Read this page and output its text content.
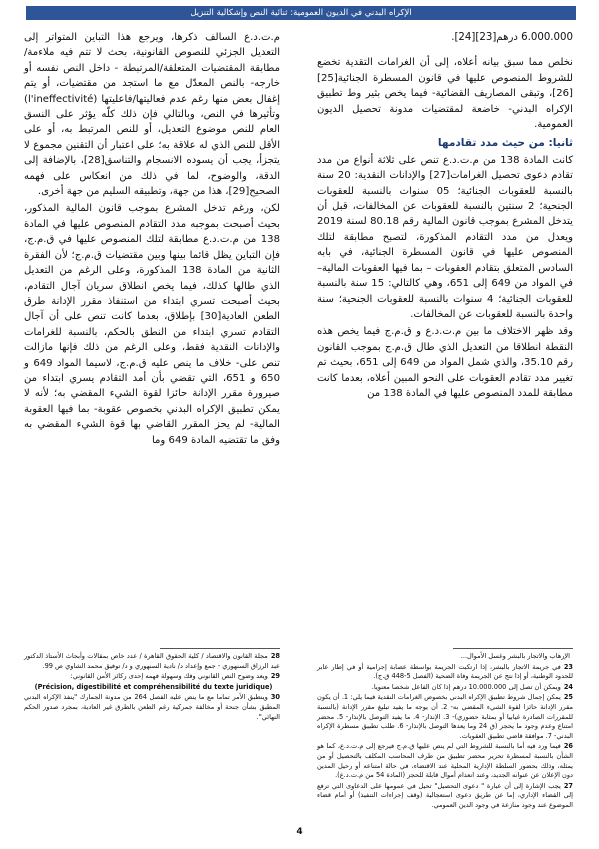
الإكراه البدني في الديون العمومية: ثنائية النص وإشكالية التنزيل

6.000.000 درهم[23][24].

نخلص مما سبق بيانه أعلاه، إلى أن الغرامات التقدية تخضع للشروط المنصوص عليها في قانون المسطرة الجنائية[25][26]، وتبقى المصاريف القضائية- فيما يخص بثير وط تطبيق الإكراه البدني- خاضعة لمقتضيات مدونة تحصيل الديون العمومية.

ثانيا: من حيث مدد تقادمها

كانت المادة 138 من م.ت.د.ع تنص على ثلاثة أنواع من مدد تقادم دعوى تحصيل الغرامات[27] والإدانات النقدية: 20 سنة بالنسبة للعقوبات الجنائية؛ 05 سنوات بالنسبة للعقوبات الجنحية؛ 2 سنتين بالنسبة للعقوبات عن المخالفات، قبل أن يتدخل المشرع بموجب قانون المالية رقم 80.18 لسنة 2019 ويعدل من مدد التقادم المذكورة، لتصبح مطابقة لتلك المنصوص عليها في قانون المسطرة الجنائية، في بابه السادس المتعلق بتقادم العقوبات – بما فيها العقوبات المالية– في المواد من 649 إلى 651، وهي كالتالي: 15 سنة بالنسبة للعقوبات الجنائية؛ 4 سنوات بالنسبة للعقوبات الجنحية؛ سنة واحدة بالنسبة للعقوبات عن المخالفات.

وقد ظهر الاختلاف ما بين م.ت.د.ع و ق.م.ج فيما يخص هذه النقطة انطلاقا من التعديل الذي طال ق.م.ج بموجب القانون رقم 35.10، والذي شمل المواد من 649 إلى 651، بحيث تم تغيير مدد تقادم العقوبات على النحو المبين أعلاه، بعدما كانت مطابقة للمدد المنصوص عليها في المادة 138 من

م.ت.د.ع السالف ذكرها، ويرجع هذا التباين المتواتر إلى التعديل الجزئي للنصوص القانونية، بحث لا تتم فيه ملاءمة/مطابقة المقتضيات المتعلقة/المرتبطة - داخل النص نفسه أو خارجه- بالنص المعدّل مع ما استجد من مقتضيات، أو يتم إغفال بعض منها رغم عدم فعاليتها/فاعليتها (l'ineffectivité) وتأثيرها في النص، وبالتالي فإن ذلك كلّه يؤثر على النسق العام للنص موضوع التعديل، أو للنص المرتبط به، أو على الأقل للنص الذي له علاقة به؛ على اعتبار أن التقنين مجموع لا يتجزأ، يجب أن يسوده الانسجام والتناسق[28]، بالإضافة إلى الدقة، والوضوح، لما في ذلك من انعكاس على فهمه الصحيح[29]، هذا من جهة، وتطبيقه السليم من جهة أخرى.

لكن، ورغم تدخل المشرع بموجب قانون المالية المذكور، بحيث أصبحت بموجبه مدد التقادم المنصوص عليها في المادة 138 من م.ت.د.ع مطابقة لتلك المنصوص عليها في ق.م.ج، فإن التباين يظل قائما بينها وبين مقتضيات ق.م.ج؛ لأن الفقرة الثانية من المادة 138 المذكورة، وعلى الرغم من التعديل الذي طالها كذلك، فيما يخص انطلاق سريان آجال التقادم، بحيث أصبحت تسري ابتداء من استنفاذ مقرر الإدانة طرق الطعن العادية[30] بإطلاق، بعدما كانت تنص على أن آجال التقادم تسري ابتداء من النطق بالحكم، بالنسبة للغرامات والإدانات النقدية فقط، وعلى الرغم من ذلك فإنها مازالت تنص على- خلاف ما ينص عليه ق.م.ج، لاسيما المواد 649 و 650 و 651، التي تقضي بأن أمد التقادم يسري ابتداء من صيرورة مقرر الإدانة حائزا لقوة الشيء المقضي به؛ لأنه لا يمكن تطبيق الإكراه البدني بخصوص عقوبة- بما فيها العقوبة المالية- لم يحز المقرر القاضي بها قوة الشيء المقضي به وفق ما تقتضيه المادة 649 وما

الإرهاب والاتجار بالبشر وغسل الأموال...

23في جريمة الاتجار بالبشر، إذا ارتكبت الجريمة بواسطة عصابة إجرامية أو في إطار عابر للحدود الوطنية، أو إذا نتج عن الجريمة وفاة الضحية (الفصل 5-448 ق.ج).

24ويمكن أن تصل إلى 10.000.000 درهم إذا كان الفاعل شخصا معنويا.

25يمكن إجمال شروط تطبيق الإكراه البدني بخصوص الغرامات النقدية فيما يلي: 1. أن يكون مقرر الإدانة حائزا لقوة الشيء المقضي به- 2. أن يوجه ما يفيد تبليغ مقرر الإدانة (بالنسبة للمقررات الصادرة غيابيا أو بمثابة حضوري)- 3. الإنذار- 4. ما يفيد التوصل بالإنذار- 5. محضر امتناع وعدم وجود ما يحجز (ق 24 وما يعدها التوصل بالإنذار- 6. طلب تطبيق مسطرة الإكراه البدني- 7. موافقة قاضي تطبيق العقوبات.

26فيما ورد فيه أما بالنسبة للشروط التي لم ينص عليها ق.م.ج فيرجع إلى م.ت.د.ع، كما هو الشأن بالنسبة لمسطرة تحرير محضر تطبيق من طرف المحاسب المكلف بالتحصيل أو من يمثله، وذلك بحضور السلطة الإدارية المحلية عند الاقتضاء، في حالة امتناعه أو رحيل المدين دون الإعلان عن عنوانه الجديد، وعند انعدام أموال قابلة للحجز (المادة 54 من م.ت.د.ع).

27يجب الإشارة إلى أن عبارة " دعوى التحصيل" تحيل في عمومها على الدعاوى التي ترفع إلى القضاء الإداري، إما عن طريق دعوى استعجالية (وقف إجراءات التنفيذ) أو أمام قضاء الموضوع عند وجود منازعة في وجود الدين العمومي.

28مجلة القانون والاقتصاد / كلية الحقوق القاهرة / عدد خاص بمقالات وأبحاث الأستاذ الدكتور عبد الرزاق السنهوري - جمع وإعداد د/ نادية السنهوري و د/ توفيق محمد الشاوي ص 99.

29ويعد وضوح النص القانوني وفك وسهولة فهمه إحدى ركائز الأمن القانوني:

(Précision, digestibilité et compréhensibilité du texte juridique)

30وينطبق الأمر تماما مع ما ينص عليه الفصل 264 من مدونة الجمارك "ينفذ الإكراه البدني المطبق بشأن جنحة أو مخالفة جمركية رغم الطعن بالطرق غير العادية، بمجرد صدور الحكم النهائي".

4
